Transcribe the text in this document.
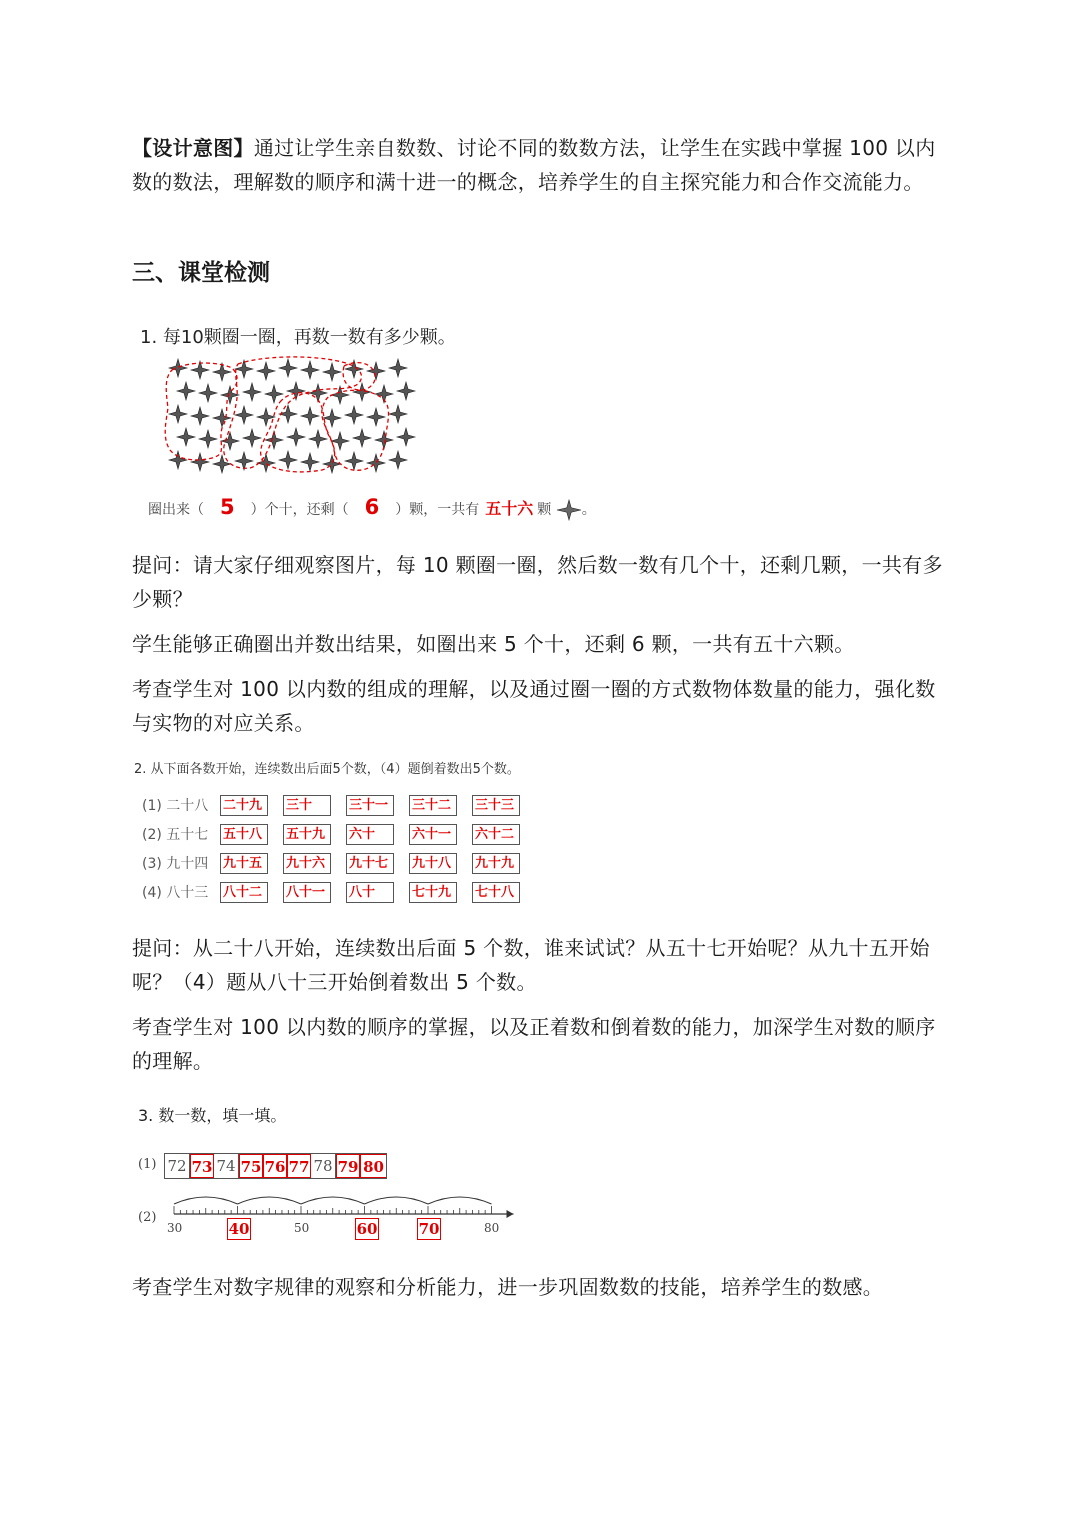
【设计意图】通过让学生亲自数数、讨论不同的数数方法，让学生在实践中掌握 100 以内数的数法，理解数的顺序和满十进一的概念，培养学生的自主探究能力和合作交流能力。
三、课堂检测
1. 每10颗圈一圈，再数一数有多少颗。
圈出来（ 5 ）个十，还剩（ 6 ）颗，一共有 五十六 颗 。
提问：请大家仔细观察图片，每 10 颗圈一圈，然后数一数有几个十，还剩几颗，一共有多少颗？
学生能够正确圈出并数出结果，如圈出来 5 个十，还剩 6 颗，一共有五十六颗。
考查学生对 100 以内数的组成的理解，以及通过圈一圈的方式数物体数量的能力，强化数与实物的对应关系。
2. 从下面各数开始，连续数出后面5个数，（4）题倒着数出5个数。
(1) 二十八	二十九	三十	三十一	三十二	三十三
(2) 五十七	五十八	五十九	六十	六十一	六十二
(3) 九十四	九十五	九十六	九十七	九十八	九十九
(4) 八十三	八十二	八十一	八十	七十九	七十八
提问：从二十八开始，连续数出后面 5 个数，谁来试试？从五十七开始呢？从九十五开始呢？（4）题从八十三开始倒着数出 5 个数。
考查学生对 100 以内数的顺序的掌握，以及正着数和倒着数的能力，加深学生对数的顺序的理解。
3. 数一数，填一填。
(1) 72 73 74 75 76 77 78 79 80
(2)
30	40	50	60	70	80
考查学生对数字规律的观察和分析能力，进一步巩固数数的技能，培养学生的数感。
